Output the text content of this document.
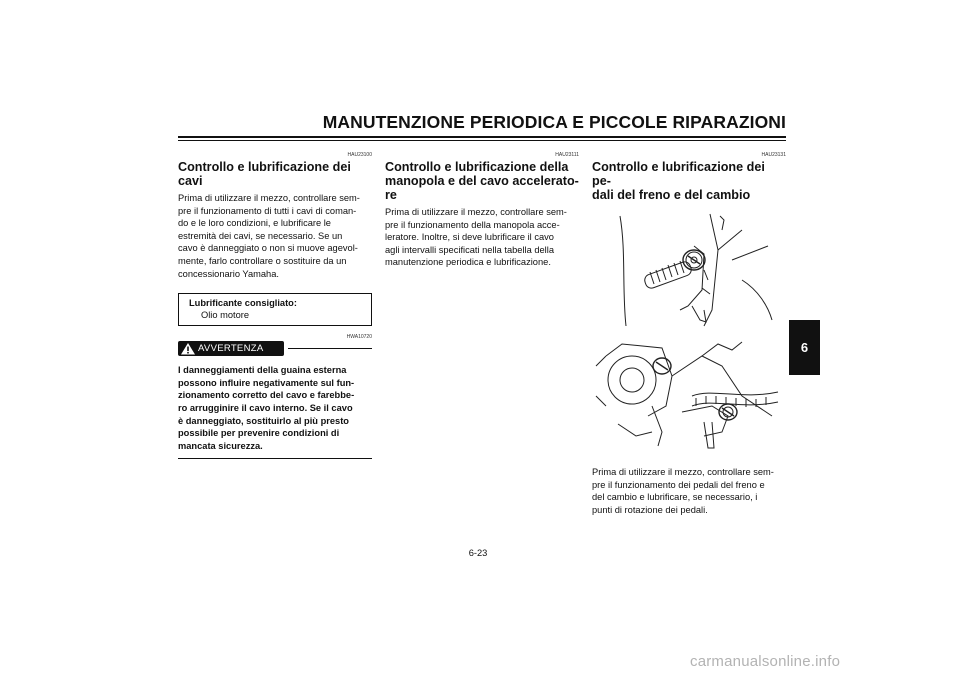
MANUTENZIONE PERIODICA E PICCOLE RIPARAZIONI
6
HAU23100
Controllo e lubrificazione dei
cavi

Prima di utilizzare il mezzo, controllare sem-
pre il funzionamento di tutti i cavi di coman-
do e le loro condizioni, e lubrificare le
estremità dei cavi, se necessario. Se un
cavo è danneggiato o non si muove agevol-
mente, farlo controllare o sostituire da un
concessionario Yamaha.

Lubrificante consigliato:
Olio motore
HWA10720
AVVERTENZA

I danneggiamenti della guaina esterna
possono influire negativamente sul fun-
zionamento corretto del cavo e farebbe-
ro arrugginire il cavo interno. Se il cavo
è danneggiato, sostituirlo al più presto
possibile per prevenire condizioni di
mancata sicurezza.

HAU23111
Controllo e lubrificazione della
manopola e del cavo accelerato-
re

Prima di utilizzare il mezzo, controllare sem-
pre il funzionamento della manopola acce-
leratore. Inoltre, si deve lubrificare il cavo
agli intervalli specificati nella tabella della
manutenzione periodica e lubrificazione.

HAU23131
Controllo e lubrificazione dei pe-
dali del freno e del cambio

Prima di utilizzare il mezzo, controllare sem-
pre il funzionamento dei pedali del freno e
del cambio e lubrificare, se necessario, i
punti di rotazione dei pedali.

6-23
carmanualsonline.info
